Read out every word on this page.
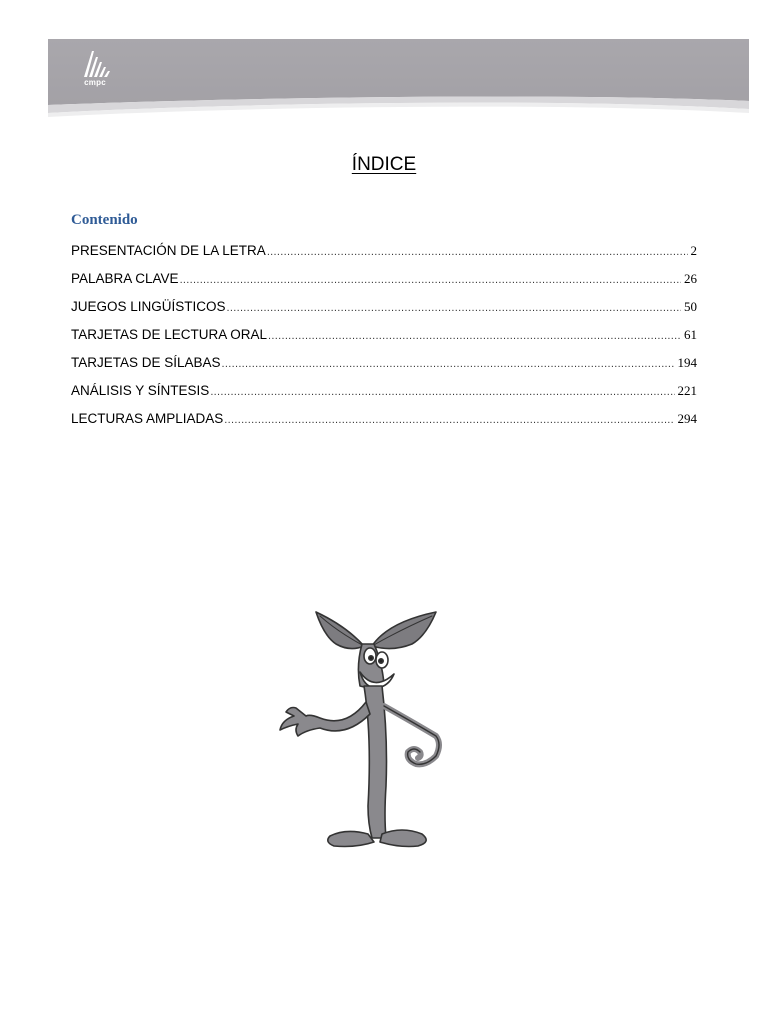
cmpc
ÍNDICE
Contenido
PRESENTACIÓN DE LA LETRA .....	2
PALABRA CLAVE .....	26
JUEGOS LINGÜÍSTICOS .....	50
TARJETAS DE LECTURA ORAL .....	61
TARJETAS DE SÍLABAS .....	194
ANÁLISIS Y SÍNTESIS .....	221
LECTURAS AMPLIADAS .....	294
